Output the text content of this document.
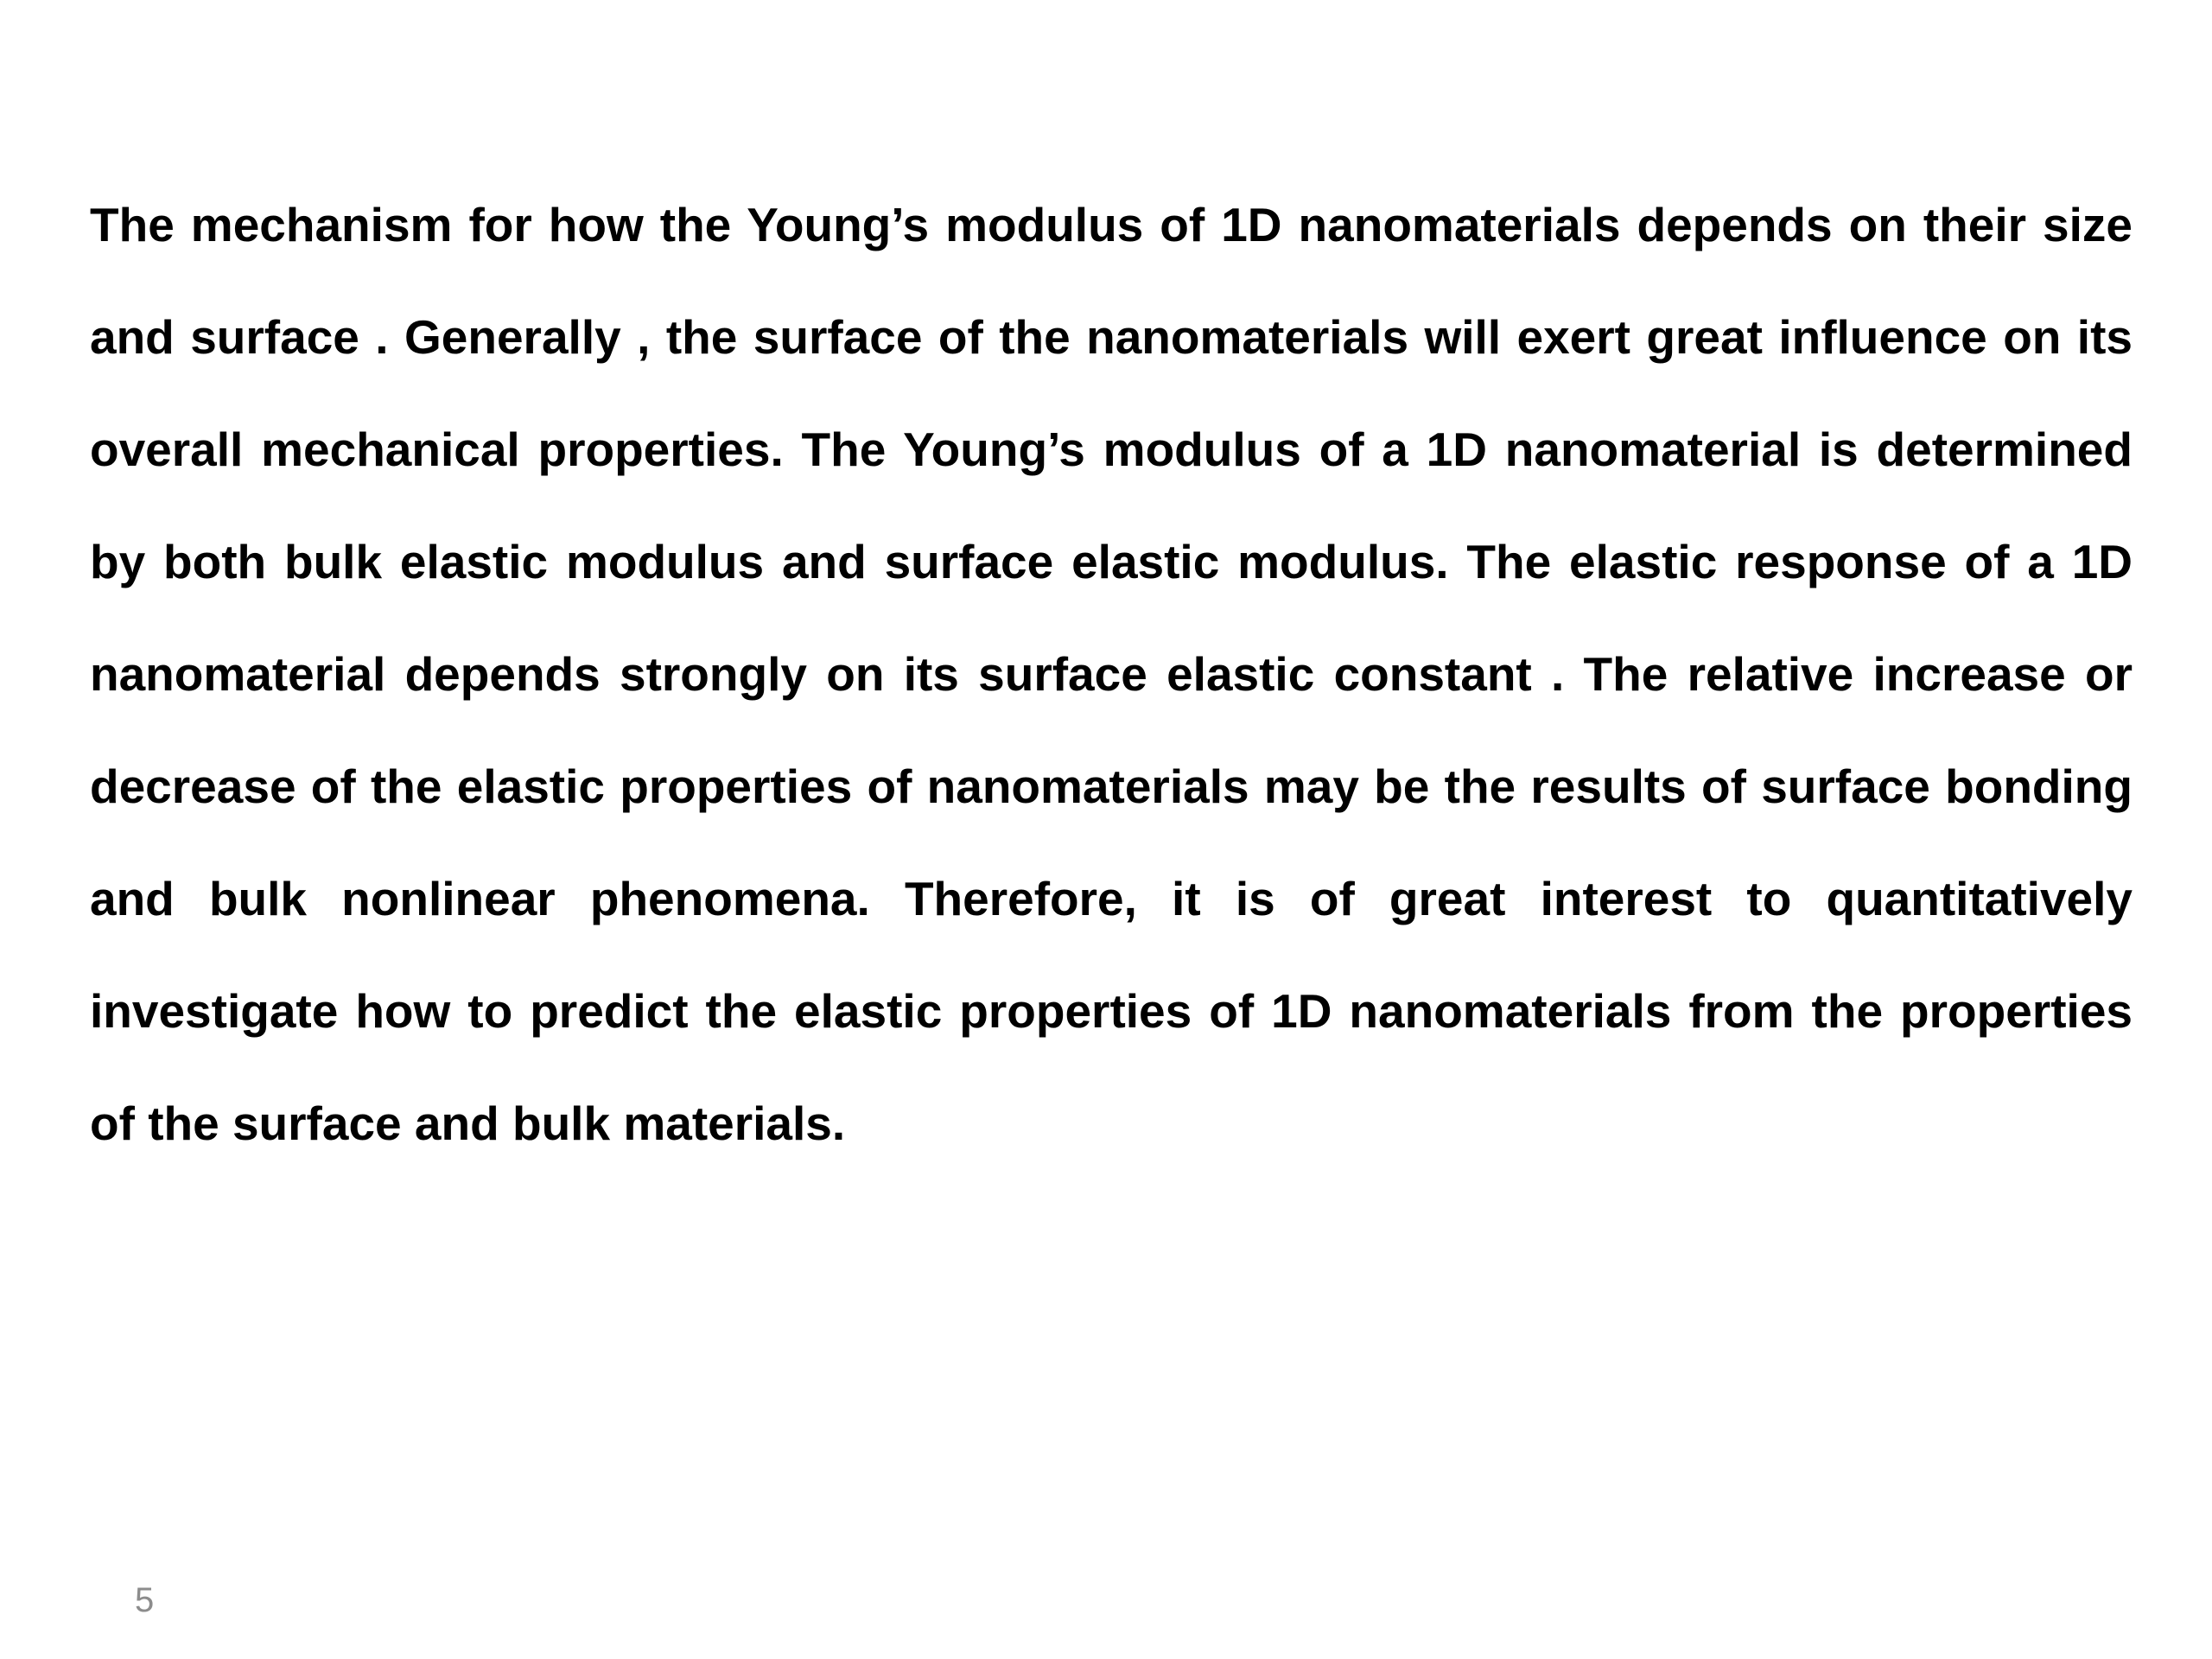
The mechanism for how the Young’s modulus of 1D nanomaterials depends on their size and surface . Generally , the surface of the nanomaterials will exert great influence on its overall mechanical properties. The Young’s modulus of a 1D nanomaterial is determined by both bulk elastic modulus and surface elastic modulus. The elastic response of a 1D nanomaterial depends strongly on its surface elastic constant . The relative increase or decrease of the elastic properties of nanomaterials may be the results of surface bonding and bulk nonlinear phenomena. Therefore, it is of great interest to quantitatively investigate how to predict the elastic properties of 1D nanomaterials from the properties of the surface and bulk materials.

5
